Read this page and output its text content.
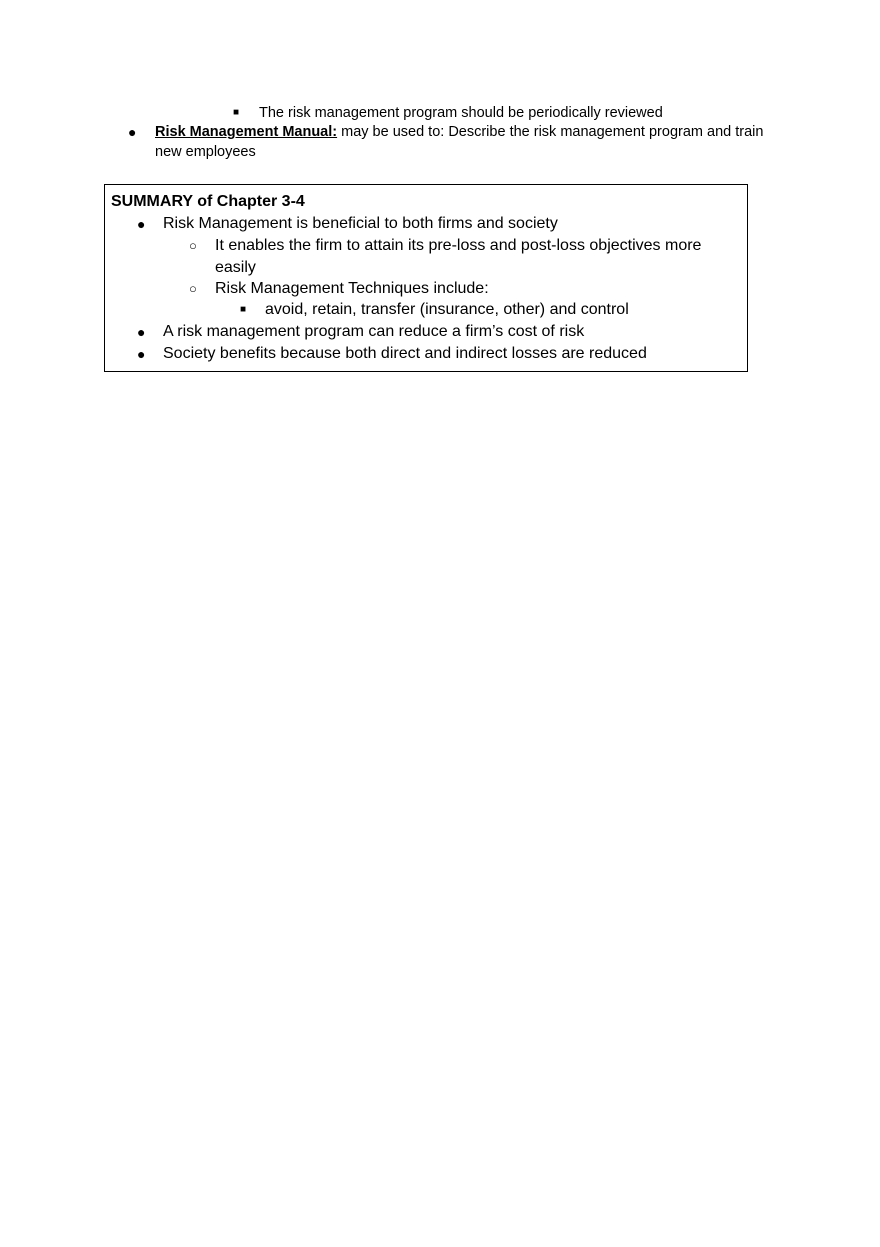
■ The risk management program should be periodically reviewed
● Risk Management Manual: may be used to: Describe the risk management program and train
new employees
SUMMARY of Chapter 3-4
● Risk Management is beneficial to both firms and society
○ It enables the firm to attain its pre-loss and post-loss objectives more
easily
○ Risk Management Techniques include:
■ avoid, retain, transfer (insurance, other) and control
● A risk management program can reduce a firm’s cost of risk
● Society benefits because both direct and indirect losses are reduced
